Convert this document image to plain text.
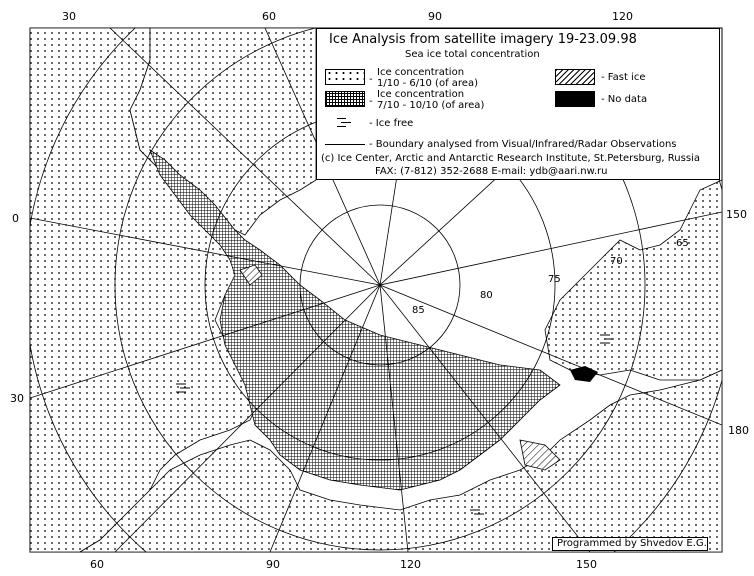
85
80
75
70
65
30	60	90	120
60	90	120	150
0
30
150
180
Ice Analysis from satellite imagery 19-23.09.98
Sea ice total concentration
-
Ice concentration
1/10 - 6/10 (of area)
-
Ice concentration
7/10 - 10/10 (of area)
- Fast ice
- No data
- Ice free
- Boundary analysed from Visual/Infrared/Radar Observations
(c) Ice Center, Arctic and Antarctic Research Institute, St.Petersburg, Russia
FAX: (7-812) 352-2688 E-mail: ydb@aari.nw.ru
Programmed by Shvedov E.G.
